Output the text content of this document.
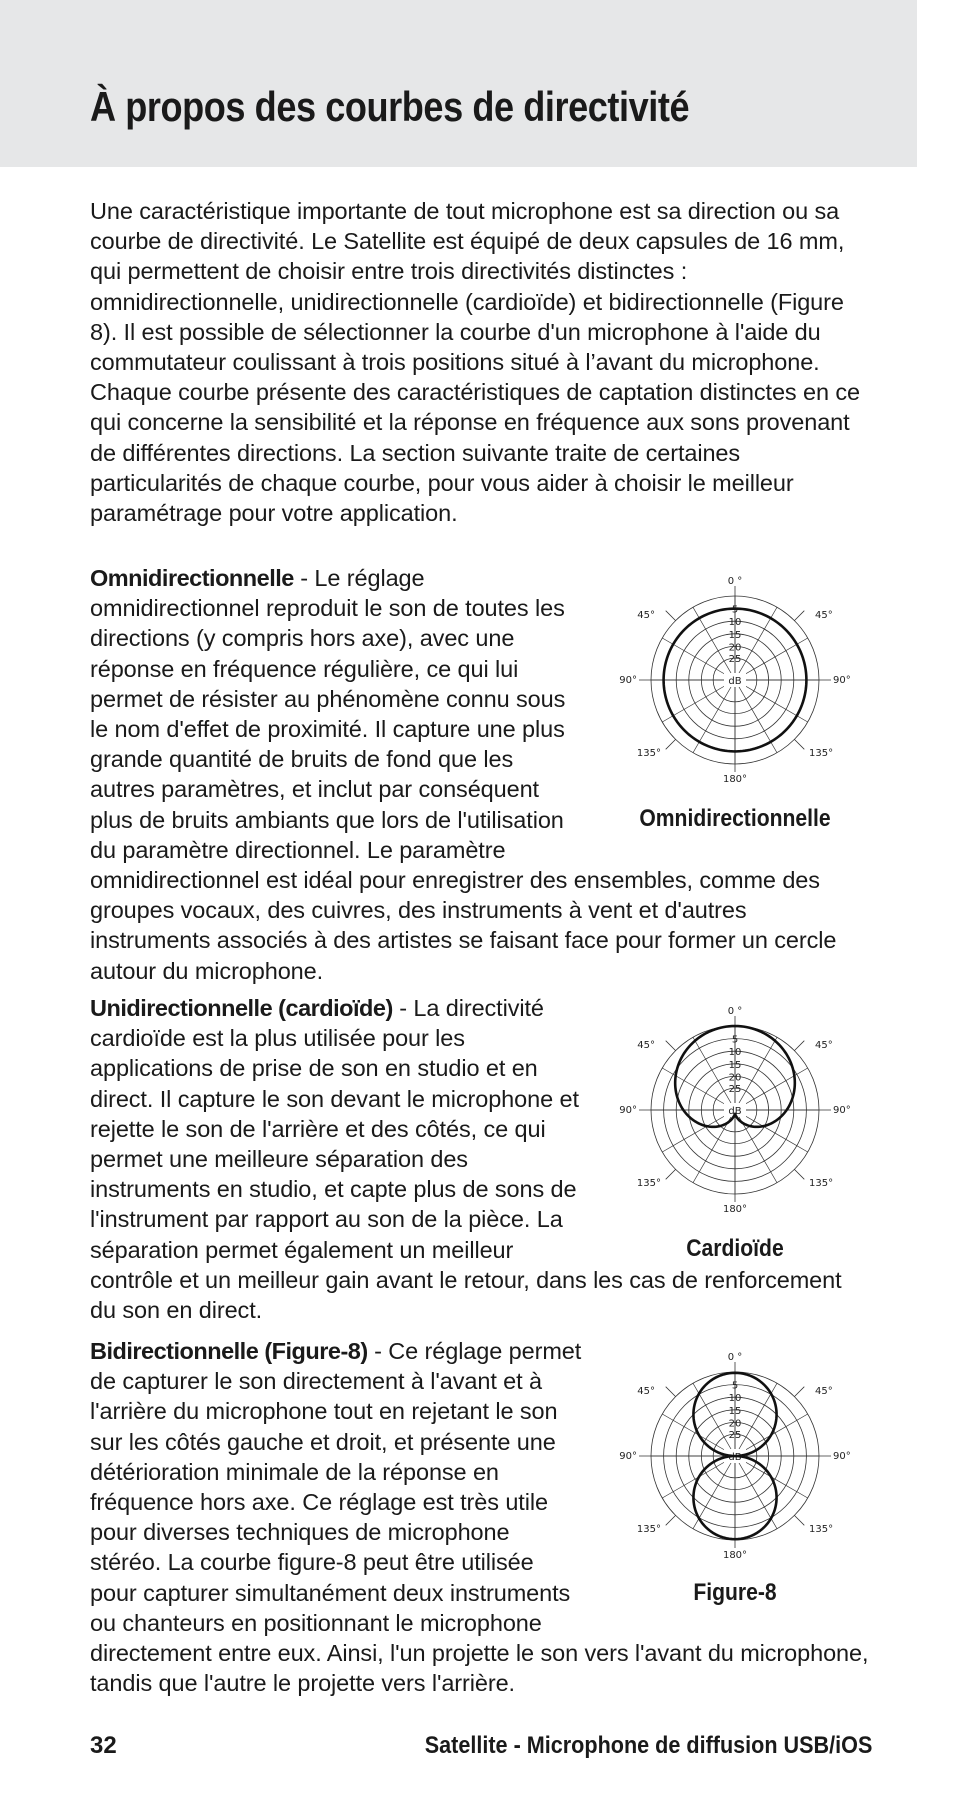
À propos des courbes de directivité

Une caractéristique importante de tout microphone est sa direction ou sa courbe de directivité. Le Satellite est équipé de deux capsules de 16 mm, qui permettent de choisir entre trois directivités distinctes : omnidirectionnelle, unidirectionnelle (cardioïde) et bidirectionnelle (Figure 8). Il est possible de sélectionner la courbe d'un microphone à l'aide du commutateur coulissant à trois positions situé à l’avant du microphone. Chaque courbe présente des caractéristiques de captation distinctes en ce qui concerne la sensibilité et la réponse en fréquence aux sons provenant de différentes directions. La section suivante traite de certaines particularités de chaque courbe, pour vous aider à choisir le meilleur paramétrage pour votre application.

Omnidirectionnelle - Le réglage omnidirectionnel reproduit le son de toutes les directions (y compris hors axe), avec une réponse en fréquence régulière, ce qui lui permet de résister au phénomène connu sous le nom d'effet de proximité. Il capture une plus grande quantité de bruits de fond que les autres paramètres, et inclut par conséquent plus de bruits ambiants que lors de l'utilisation du paramètre directionnel. Le paramètre omnidirectionnel est idéal pour enregistrer des ensembles, comme des groupes vocaux, des cuivres, des instruments à vent et d'autres instruments associés à des artistes se faisant face pour former un cercle autour du microphone.

Unidirectionnelle (cardioïde) - La directivité cardioïde est la plus utilisée pour les applications de prise de son en studio et en direct. Il capture le son devant le microphone et rejette le son de l'arrière et des côtés, ce qui permet une meilleure séparation des instruments en studio, et capte plus de sons de l'instrument par rapport au son de la pièce. La séparation permet également un meilleur contrôle et un meilleur gain avant le retour, dans les cas de renforcement du son en direct.

Bidirectionnelle (Figure-8) - Ce réglage permet de capturer le son directement à l'avant et à l'arrière du microphone tout en rejetant le son sur les côtés gauche et droit, et présente une détérioration minimale de la réponse en fréquence hors axe. Ce réglage est très utile pour diverses techniques de microphone stéréo. La courbe figure-8 peut être utilisée pour capturer simultanément deux instruments ou chanteurs en positionnant le microphone directement entre eux. Ainsi, l'un projette le son vers l'avant du microphone, tandis que l'autre le projette vers l'arrière.

0 °
45°	45°
90°	90°
135°	135°
180°
5
10
15
20
25
dB
Omnidirectionnelle
0 °
45°	45°
90°	90°
135°	135°
180°
5
10
15
20
25
dB
Cardioïde
0 °
45°	45°
90°	90°
135°	135°
180°
5
10
15
20
25
dB
Figure-8
32	Satellite - Microphone de diffusion USB/iOS
